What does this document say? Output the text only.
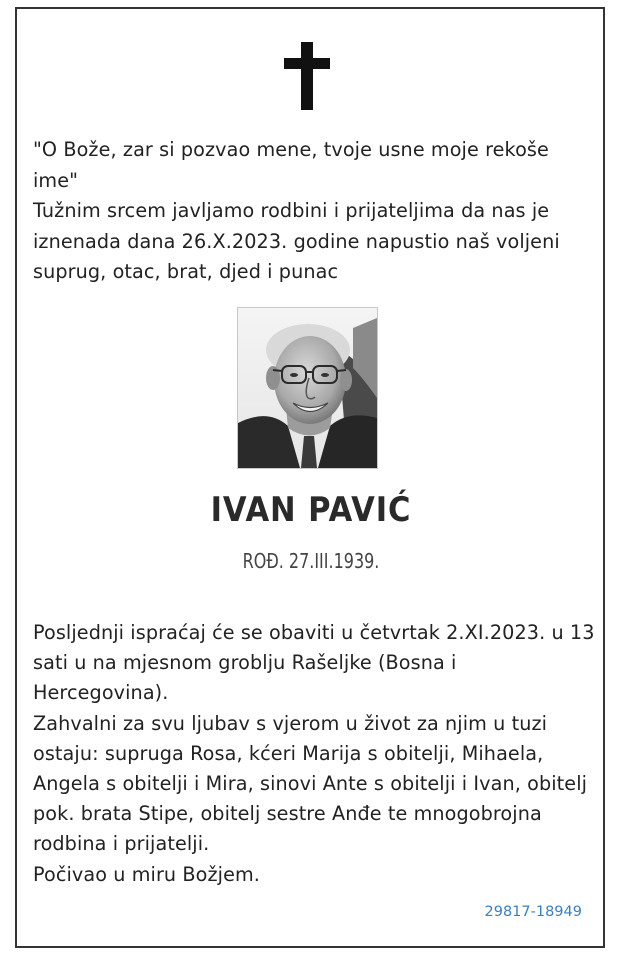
"O Bože, zar si pozvao mene, tvoje usne moje rekoše ime"

Tužnim srcem javljamo rodbini i prijateljima da nas je iznenada dana 26.X.2023. godine napustio naš voljeni suprug, otac, brat, djed i punac

IVAN PAVIĆ
ROĐ. 27.III.1939.

Posljednji ispraćaj će se obaviti u četvrtak 2.XI.2023. u 13 sati u na mjesnom groblju Rašeljke (Bosna i Hercegovina).

Zahvalni za svu ljubav s vjerom u život za njim u tuzi ostaju: supruga Rosa, kćeri Marija s obitelji, Mihaela, Angela s obitelji i Mira, sinovi Ante s obitelji i Ivan, obitelj pok. brata Stipe, obitelj sestre Anđe te mnogobrojna rodbina i prijatelji.

Počivao u miru Božjem.

29817-18949
